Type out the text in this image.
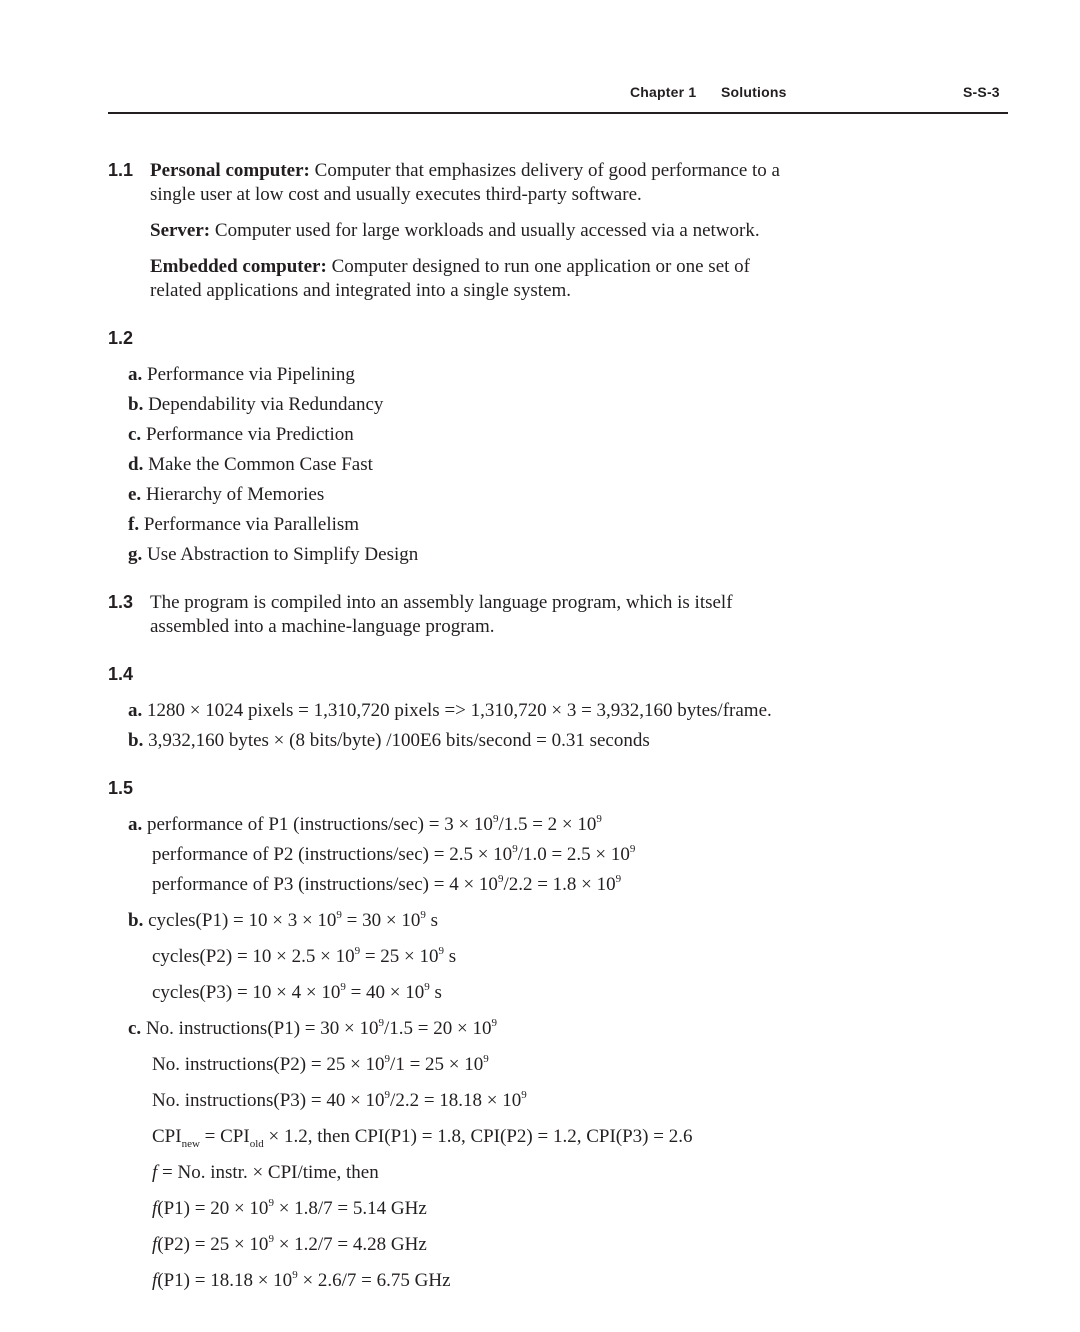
Chapter 1 Solutions	S-S-3
1.1 Personal computer: Computer that emphasizes delivery of good performance to a single user at low cost and usually executes third-party software.
Server: Computer used for large workloads and usually accessed via a network.
Embedded computer: Computer designed to run one application or one set of related applications and integrated into a single system.
1.2
a. Performance via Pipelining
b. Dependability via Redundancy
c. Performance via Prediction
d. Make the Common Case Fast
e. Hierarchy of Memories
f. Performance via Parallelism
g. Use Abstraction to Simplify Design
1.3 The program is compiled into an assembly language program, which is itself assembled into a machine-language program.
1.4
a. 1280 × 1024 pixels = 1,310,720 pixels => 1,310,720 × 3 = 3,932,160 bytes/frame.
b. 3,932,160 bytes × (8 bits/byte) /100E6 bits/second = 0.31 seconds
1.5
a. performance of P1 (instructions/sec) = $3 \times 10^9/1.5 = 2 \times 10^9$
performance of P2 (instructions/sec) = $2.5 \times 10^9/1.0 = 2.5 \times 10^9$
performance of P3 (instructions/sec) = $4 \times 10^9/2.2 = 1.8 \times 10^9$
b. cycles(P1) = $10 \times 3 \times 10^9 = 30 \times 10^9$ s
cycles(P2) = $10 \times 2.5 \times 10^9 = 25 \times 10^9$ s
cycles(P3) = $10 \times 4 \times 10^9 = 40 \times 10^9$ s
c. No. instructions(P1) = $30 \times 10^9/1.5 = 20 \times 10^9$
No. instructions(P2) = $25 \times 10^9/1 = 25 \times 10^9$
No. instructions(P3) = $40 \times 10^9/2.2 = 18.18 \times 10^9$
$CPI_{new} = CPI_{old} \times 1.2$, then CPI(P1) = 1.8, CPI(P2) = 1.2, CPI(P3) = 2.6
f = No. instr. × CPI/time, then
$f(P1) = 20 \times 10^9 \times 1.8/7 = 5.14$ GHz
$f(P2) = 25 \times 10^9 \times 1.2/7 = 4.28$ GHz
$f(P1) = 18.18 \times 10^9 \times 2.6/7 = 6.75$ GHz
